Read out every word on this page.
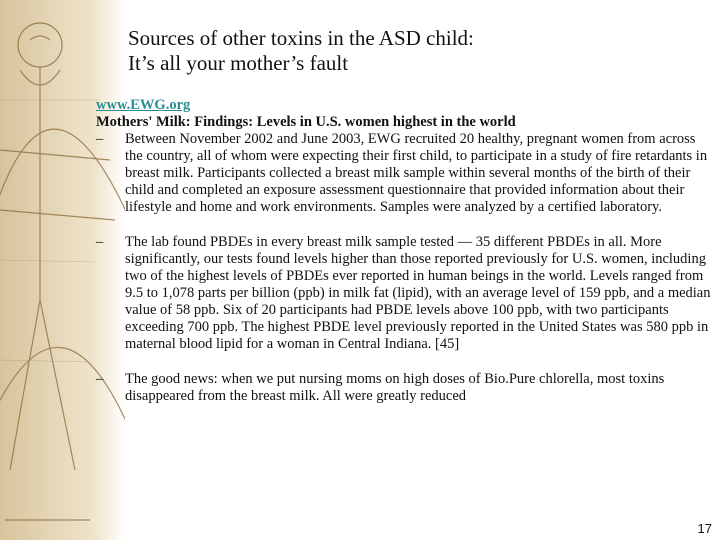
Sources of other toxins in the ASD child:
It’s all your mother’s fault
www.EWG.org
Mothers' Milk: Findings: Levels in U.S. women highest in the world
– Between November 2002 and June 2003, EWG recruited 20 healthy, pregnant women from across the country, all of whom were expecting their first child, to participate in a study of fire retardants in breast milk. Participants collected a breast milk sample within several months of the birth of their child and completed an exposure assessment questionnaire that provided information about their lifestyle and home and work environments. Samples were analyzed by a certified laboratory.
– The lab found PBDEs in every breast milk sample tested — 35 different PBDEs in all. More significantly, our tests found levels higher than those reported previously for U.S. women, including two of the highest levels of PBDEs ever reported in human beings in the world. Levels ranged from 9.5 to 1,078 parts per billion (ppb) in milk fat (lipid), with an average level of 159 ppb, and a median value of 58 ppb. Six of 20 participants had PBDE levels above 100 ppb, with two participants exceeding 700 ppb. The highest PBDE level previously reported in the United States was 580 ppb in maternal blood lipid for a woman in Central Indiana. [45]
– The good news: when we put nursing moms on high doses of Bio.Pure chlorella, most toxins disappeared from the breast milk. All were greatly reduced
17
